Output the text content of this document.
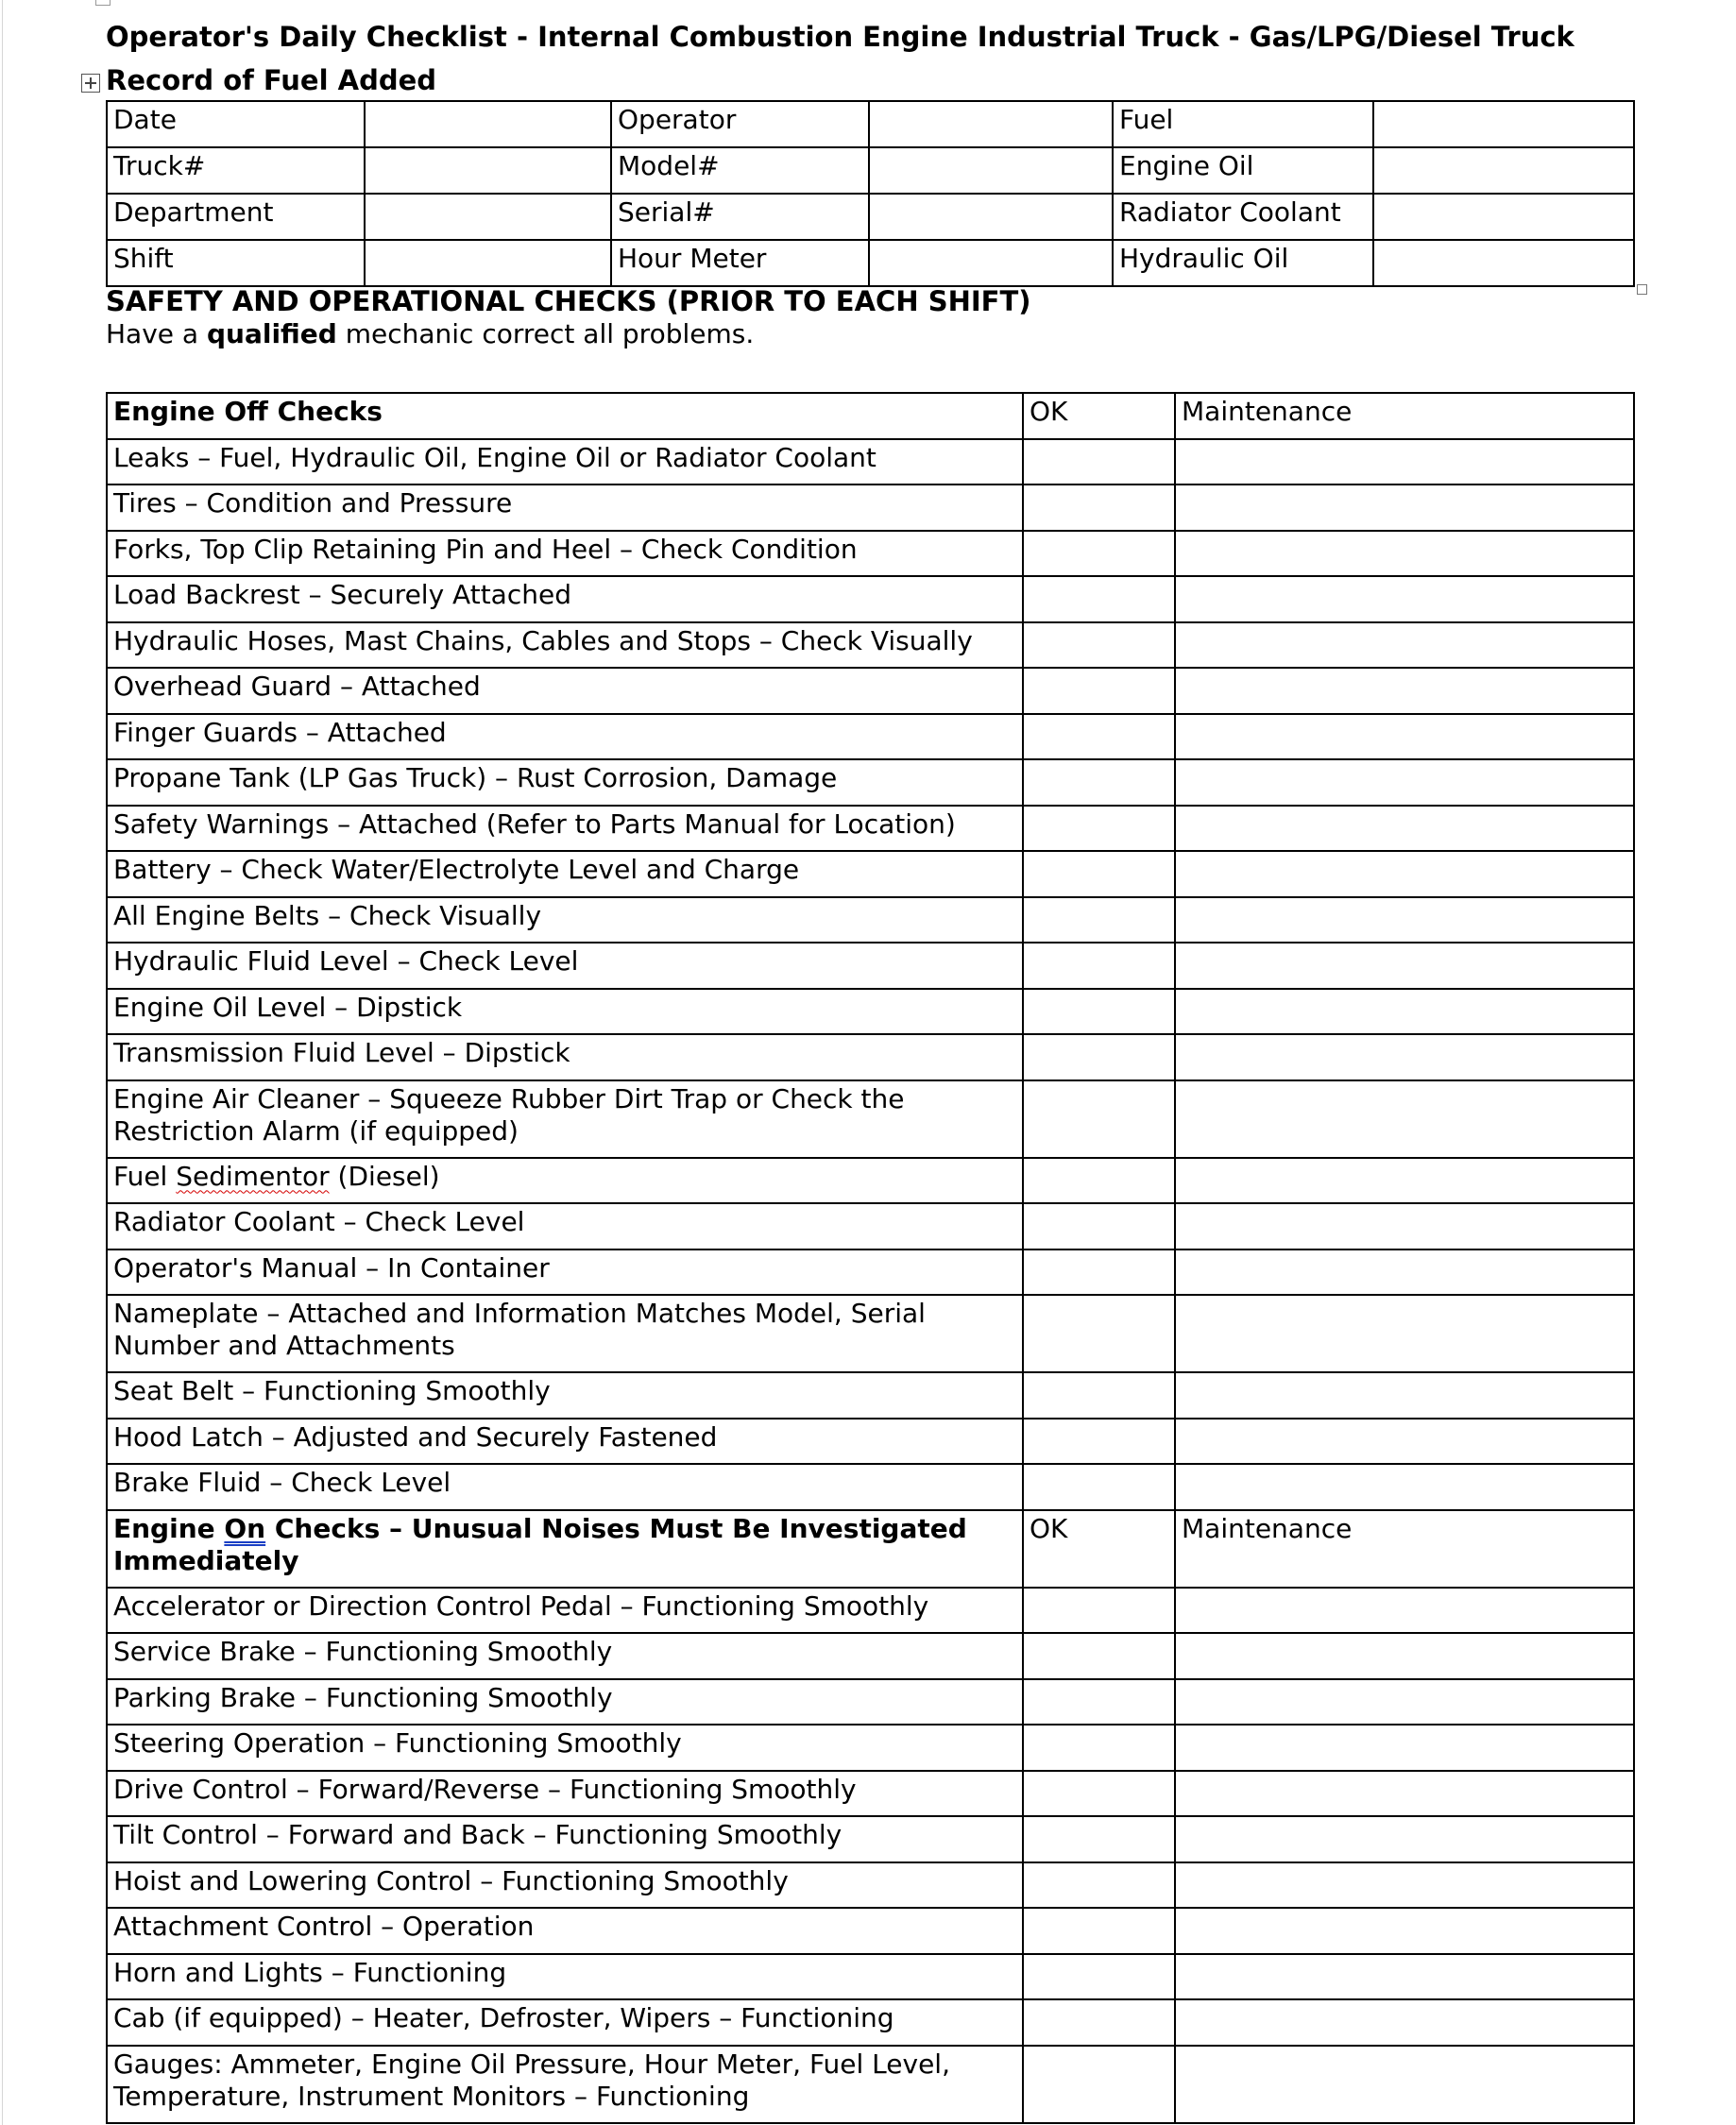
Operator's Daily Checklist - Internal Combustion Engine Industrial Truck - Gas/LPG/Diesel Truck
Record of Fuel Added
Date		Operator		Fuel	
Truck#		Model#		Engine Oil	
Department		Serial#		Radiator Coolant	
Shift		Hour Meter		Hydraulic Oil	
SAFETY AND OPERATIONAL CHECKS (PRIOR TO EACH SHIFT)

Have a qualified mechanic correct all problems.

Engine Off Checks	OK	Maintenance
Leaks – Fuel, Hydraulic Oil, Engine Oil or Radiator Coolant		
Tires – Condition and Pressure		
Forks, Top Clip Retaining Pin and Heel – Check Condition		
Load Backrest – Securely Attached		
Hydraulic Hoses, Mast Chains, Cables and Stops – Check Visually		
Overhead Guard – Attached		
Finger Guards – Attached		
Propane Tank (LP Gas Truck) – Rust Corrosion, Damage		
Safety Warnings – Attached (Refer to Parts Manual for Location)		
Battery – Check Water/Electrolyte Level and Charge		
All Engine Belts – Check Visually		
Hydraulic Fluid Level – Check Level		
Engine Oil Level – Dipstick		
Transmission Fluid Level – Dipstick		
Engine Air Cleaner – Squeeze Rubber Dirt Trap or Check the Restriction Alarm (if equipped)		
Fuel Sedimentor (Diesel)		
Radiator Coolant – Check Level		
Operator's Manual – In Container		
Nameplate – Attached and Information Matches Model, Serial Number and Attachments		
Seat Belt – Functioning Smoothly		
Hood Latch – Adjusted and Securely Fastened		
Brake Fluid – Check Level		
Engine On Checks – Unusual Noises Must Be Investigated Immediately	OK	Maintenance
Accelerator or Direction Control Pedal – Functioning Smoothly		
Service Brake – Functioning Smoothly		
Parking Brake – Functioning Smoothly		
Steering Operation – Functioning Smoothly		
Drive Control – Forward/Reverse – Functioning Smoothly		
Tilt Control – Forward and Back – Functioning Smoothly		
Hoist and Lowering Control – Functioning Smoothly		
Attachment Control – Operation		
Horn and Lights – Functioning		
Cab (if equipped) – Heater, Defroster, Wipers – Functioning		
Gauges: Ammeter, Engine Oil Pressure, Hour Meter, Fuel Level, Temperature, Instrument Monitors – Functioning		
